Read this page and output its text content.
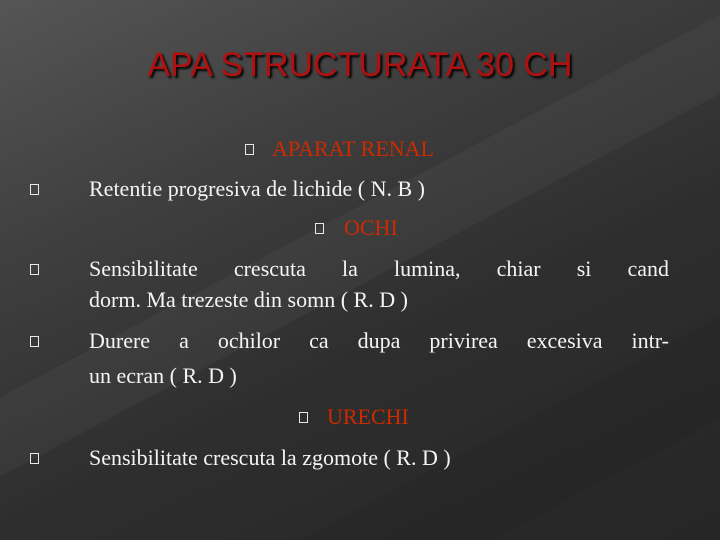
APA STRUCTURATA 30 CH
APARAT RENAL
Retentie progresiva de lichide ( N. B )
OCHI
Sensibilitate crescuta la lumina, chiar si cand
dorm. Ma trezeste din somn ( R. D )
Durere a ochilor ca dupa privirea excesiva intr-
un ecran ( R. D )
URECHI
Sensibilitate crescuta la zgomote ( R. D )
